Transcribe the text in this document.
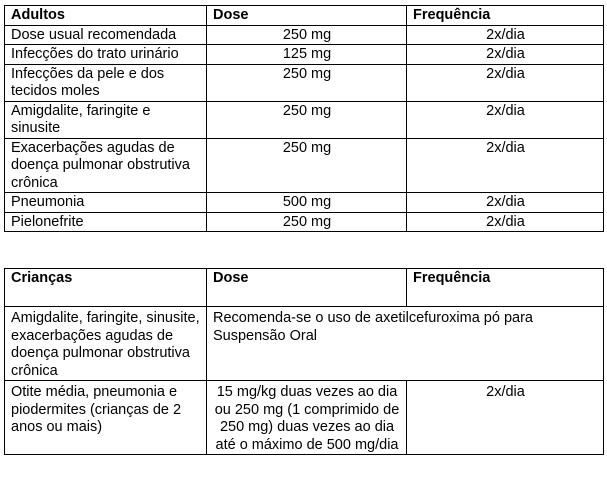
Adultos	Dose	Frequência
Dose usual recomendada	250 mg	2x/dia
Infecções do trato urinário	125 mg	2x/dia
Infecções da pele e dos tecidos moles	250 mg	2x/dia
Amigdalite, faringite e sinusite	250 mg	2x/dia
Exacerbações agudas de doença pulmonar obstrutiva crônica	250 mg	2x/dia
Pneumonia	500 mg	2x/dia
Pielonefrite	250 mg	2x/dia
Crianças	Dose	Frequência
Amigdalite, faringite, sinusite, exacerbações agudas de doença pulmonar obstrutiva crônica	Recomenda-se o uso de axetilcefuroxima pó para Suspensão Oral	
Otite média, pneumonia e piodermites (crianças de 2 anos ou mais)	15 mg/kg duas vezes ao dia ou 250 mg (1 comprimido de 250 mg) duas vezes ao dia até o máximo de 500 mg/dia	2x/dia
